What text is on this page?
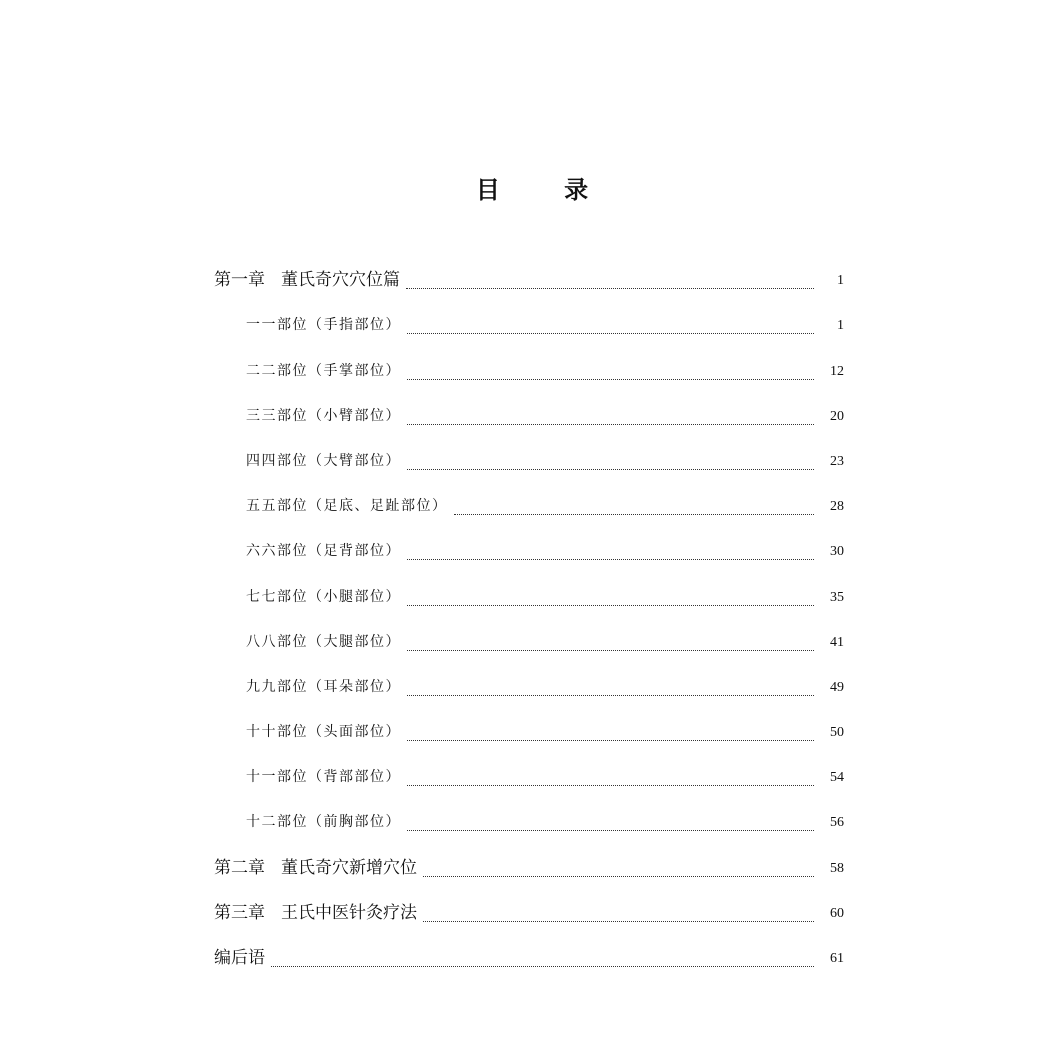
目 录
第一章 董氏奇穴穴位篇	1
一一部位（手指部位）	1
二二部位（手掌部位）	12
三三部位（小臂部位）	20
四四部位（大臂部位）	23
五五部位（足底、足趾部位）	28
六六部位（足背部位）	30
七七部位（小腿部位）	35
八八部位（大腿部位）	41
九九部位（耳朵部位）	49
十十部位（头面部位）	50
十一部位（背部部位）	54
十二部位（前胸部位）	56
第二章 董氏奇穴新增穴位	58
第三章 王氏中医针灸疗法	60
编后语	61
